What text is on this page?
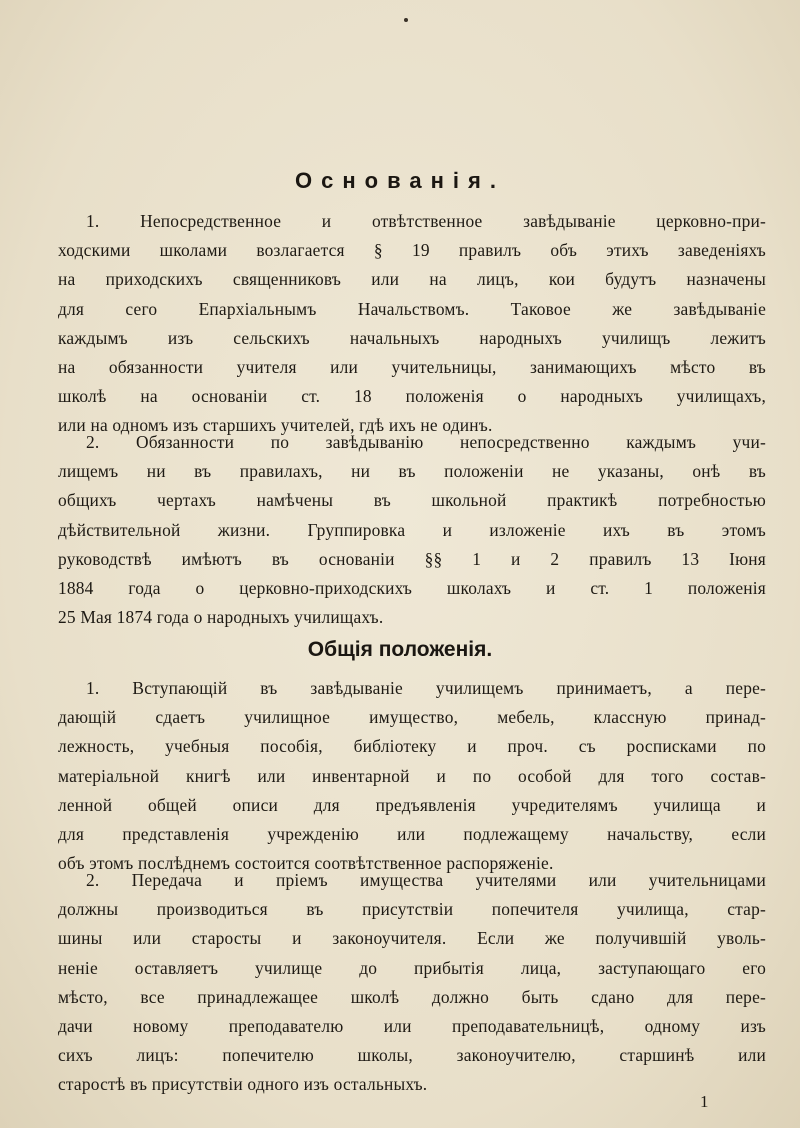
Основанія.
1. Непосредственное и отвѣтственное завѣдываніе церковно-при-
ходскими школами возлагается § 19 правилъ объ этихъ заведеніяхъ
на приходскихъ священниковъ или на лицъ, кои будутъ назначены
для сего Епархіальнымъ Начальствомъ. Таковое же завѣдываніе
каждымъ изъ сельскихъ начальныхъ народныхъ училищъ лежитъ
на обязанности учителя или учительницы, занимающихъ мѣсто въ
школѣ на основаніи ст. 18 положенія о народныхъ училищахъ,
или на одномъ изъ старшихъ учителей, гдѣ ихъ не одинъ.
2. Обязанности по завѣдыванію непосредственно каждымъ учи-
лищемъ ни въ правилахъ, ни въ положеніи не указаны, онѣ въ
общихъ чертахъ намѣчены въ школьной практикѣ потребностью
дѣйствительной жизни. Группировка и изложеніе ихъ въ этомъ
руководствѣ имѣютъ въ основаніи §§ 1 и 2 правилъ 13 Іюня
1884 года о церковно-приходскихъ школахъ и ст. 1 положенія
25 Мая 1874 года о народныхъ училищахъ.
Общія положенія.
1. Вступающій въ завѣдываніе училищемъ принимаетъ, а пере-
дающій сдаетъ училищное имущество, мебель, классную принад-
лежность, учебныя пособія, библіотеку и проч. съ росписками по
матеріальной книгѣ или инвентарной и по особой для того состав-
ленной общей описи для предъявленія учредителямъ училища и
для представленія учрежденію или подлежащему начальству, если
объ этомъ послѣднемъ состоится соотвѣтственное распоряженіе.
2. Передача и пріемъ имущества учителями или учительницами
должны производиться въ присутствіи попечителя училища, стар-
шины или старосты и законоучителя. Если же получившій уволь-
неніе оставляетъ училище до прибытія лица, заступающаго его
мѣсто, все принадлежащее школѣ должно быть сдано для пере-
дачи новому преподавателю или преподавательницѣ, одному изъ
сихъ лицъ: попечителю школы, законоучителю, старшинѣ или
старостѣ въ присутствіи одного изъ остальныхъ.
1
